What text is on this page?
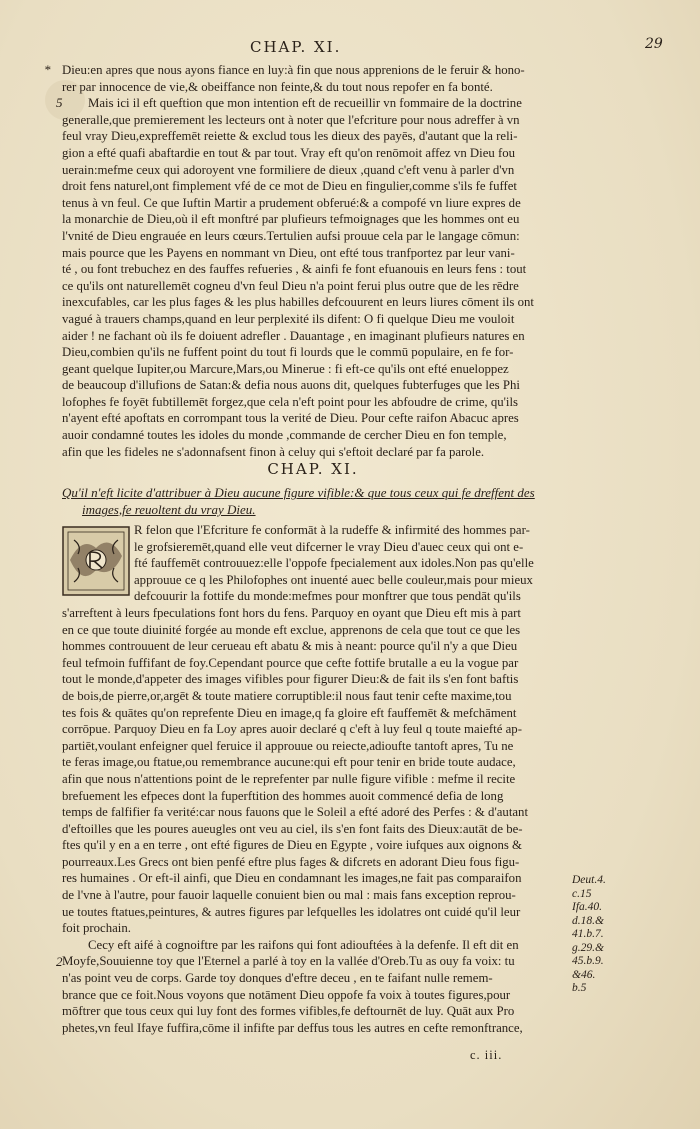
CHAP. XI.	29
*
5
Dieu:en apres que nous ayons fiance en luy:à fin que nous apprenions de le feruir & hono-
rer par innocence de vie,& obeiffance non feinte,& du tout nous repofer en fa bonté.
Mais ici il eft queftion que mon intention eft de recueillir vn fommaire de la doctrine
generalle,que premierement les lecteurs ont à noter que l'efcriture pour nous adreffer à vn
feul vray Dieu,expreffemēt reiette & exclud tous les dieux des payēs, d'autant que la reli-
gion a efté quafi abaftardie en tout & par tout. Vray eft qu'on renōmoit affez vn Dieu fou
uerain:mefme ceux qui adoroyent vne formiliere de dieux ,quand c'eft venu à parler d'vn
droit fens naturel,ont fimplement vfé de ce mot de Dieu en fingulier,comme s'ils fe fuffet
tenus à vn feul. Ce que Iuftin Martir a prudement obferué:& a compofé vn liure expres de
la monarchie de Dieu,où il eft monftré par plufieurs tefmoignages que les hommes ont eu
l'vnité de Dieu engrauée en leurs cœurs.Tertulien aufsi prouue cela par le langage cōmun:
mais pource que les Payens en nommant vn Dieu, ont efté tous tranfportez par leur vani-
té , ou font trebuchez en des fauffes refueries , & ainfi fe font efuanouis en leurs fens : tout
ce qu'ils ont naturellemēt cogneu d'vn feul Dieu n'a point ferui plus outre que de les rēdre
inexcufables, car les plus fages & les plus habilles defcouurent en leurs liures cōment ils ont
vagué à trauers champs,quand en leur perplexité ils difent: O fi quelque Dieu me vouloit
aider ! ne fachant où ils fe doiuent adrefler . Dauantage , en imaginant plufieurs natures en
Dieu,combien qu'ils ne fuffent point du tout fi lourds que le commū populaire, en fe for-
geant quelque Iupiter,ou Marcure,Mars,ou Minerue : fi eft-ce qu'ils ont efté enueloppez
de beaucoup d'illufions de Satan:& defia nous auons dit, quelques fubterfuges que les Phi
lofophes fe foyēt fubtillemēt forgez,que cela n'eft point pour les abfoudre de crime, qu'ils
n'ayent efté apoftats en corrompant tous la verité de Dieu. Pour cefte raifon Abacuc apres
auoir condamné toutes les idoles du monde ,commande de cercher Dieu en fon temple,
afin que les fideles ne s'adonnafsent finon à celuy qui s'eftoit declaré par fa parole.
CHAP. XI.
Qu'il n'eft licite d'attribuer à Dieu aucune figure vifible:& que tous ceux qui fe dreffent des
images,fe reuoltent du vray Dieu.
R felon que l'Efcriture fe conformāt à la rudeffe & infirmité des hommes par-
le grofsieremēt,quand elle veut difcerner le vray Dieu d'auec ceux qui ont e-
fté fauffemēt controuuez:elle l'oppofe fpecialement aux idoles.Non pas qu'elle
approuue ce q les Philofophes ont inuenté auec belle couleur,mais pour mieux
defcouurir la fottife du monde:mefmes pour monftrer que tous pendāt qu'ils
s'arreftent à leurs fpeculations font hors du fens. Parquoy en oyant que Dieu eft mis à part
en ce que toute diuinité forgée au monde eft exclue, apprenons de cela que tout ce que les
hommes controuuent de leur cerueau eft abatu & mis à neant: pource qu'il n'y a que Dieu
feul tefmoin fuffifant de foy.Cependant pource que cefte fottife brutalle a eu la vogue par
tout le monde,d'appeter des images vifibles pour figurer Dieu:& de fait ils s'en font baftis
de bois,de pierre,or,argēt & toute matiere corruptible:il nous faut tenir cefte maxime,tou
tes fois & quātes qu'on reprefente Dieu en image,q fa gloire eft fauffemēt & mefchāment
corrōpue. Parquoy Dieu en fa Loy apres auoir declaré q c'eft à luy feul q toute maiefté ap-
partiēt,voulant enfeigner quel feruice il approuue ou reiecte,adioufte tantoft apres, Tu ne
te feras image,ou ftatue,ou remembrance aucune:qui eft pour tenir en bride toute audace,
afin que nous n'attentions point de le reprefenter par nulle figure vifible : mefme il recite
brefuement les efpeces dont la fuperftition des hommes auoit commencé defia de long
temps de falfifier fa verité:car nous fauons que le Soleil a efté adoré des Perfes : & d'autant
d'eftoilles que les poures aueugles ont veu au ciel, ils s'en font faits des Dieux:autāt de be-
ftes qu'il y en a en terre , ont efté figures de Dieu en Egypte , voire iufques aux oignons &
pourreaux.Les Grecs ont bien penfé eftre plus fages & difcrets en adorant Dieu fous figu-
res humaines . Or eft-il ainfi, que Dieu en condamnant les images,ne fait pas comparaifon
de l'vne à l'autre, pour fauoir laquelle conuient bien ou mal : mais fans exception reprou-
ue toutes ftatues,peintures, & autres figures par lefquelles les idolatres ont cuidé qu'il leur
foit prochain.
Cecy eft aifé à cognoiftre par les raifons qui font adiouftées à la defenfe. Il eft dit en
Moyfe,Souuienne toy que l'Eternel a parlé à toy en la vallée d'Oreb.Tu as ouy fa voix: tu
n'as point veu de corps. Garde toy donques d'eftre deceu , en te faifant nulle remem-
brance que ce foit.Nous voyons que notāment Dieu oppofe fa voix à toutes figures,pour
mōftrer que tous ceux qui luy font des formes vifibles,fe deftournēt de luy. Quāt aux Pro
phetes,vn feul Ifaye fuffira,cōme il infifte par deffus tous les autres en cefte remonftrance,
2
Deut.4.
c.15
Ifa.40.
d.18.&
41.b.7.
g.29.&
45.b.9.
&46.
b.5
c. iii.
